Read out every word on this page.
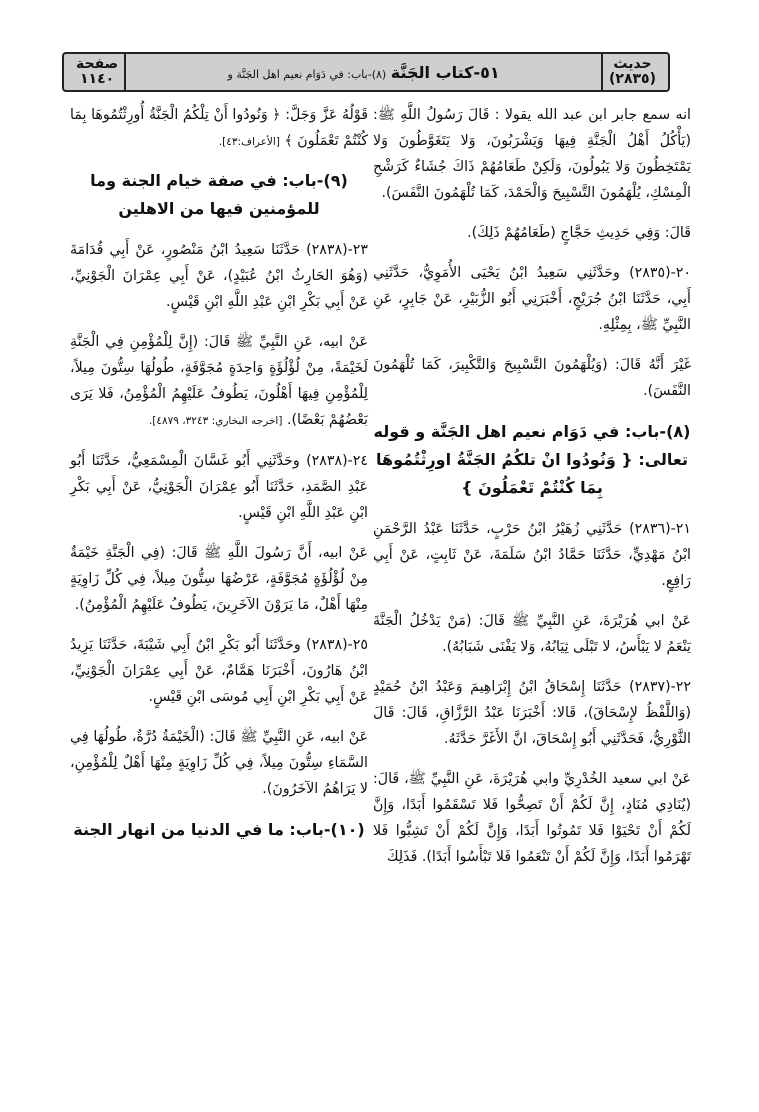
حديث
(٢٨٣٥)
٥١-كتاب الجَنَّة (٨)-باب: في دَوَام نعيم اهل الجَنَّة و
صفحة
١١٤٠

انه سمع جابر ابن عبد الله يقولا : قَالَ رَسُولُ اللَّهِ ﷺ: (يَأْكُلُ أَهْلُ الْجَنَّةِ فِيهَا وَيَشْرَبُونَ، وَلا يَتَغَوَّطُونَ وَلا يَمْتَخِطُونَ وَلا يَبُولُونَ، وَلَكِنْ طَعَامُهُمْ ذَاكَ جُشَاءٌ كَرَشْحِ الْمِسْكِ، يُلْهَمُونَ التَّسْبِيحَ وَالْحَمْدَ، كَمَا تُلْهَمُونَ النَّفَسَ).

قَالَ: وَفِي حَدِيثِ حَجَّاجٍ (طَعَامُهُمْ ذَلِكَ).

٢٠-(٢٨٣٥) وحَدَّثَنِي سَعِيدُ ابْنُ يَحْيَى الأُمَوِيُّ، حَدَّثَنِي أَبِي، حَدَّثَنَا ابْنُ جُرَيْجٍ، أَخْبَرَنِي أَبُو الزُّبَيْرِ، عَنْ جَابِرٍ، عَنِ النَّبِيِّ ﷺ، بِمِثْلِهِ.

غَيْرَ أَنَّهُ قَالَ: (وَيُلْهَمُونَ التَّسْبِيحَ وَالتَّكْبِيرَ، كَمَا تُلْهَمُونَ النَّفَسَ).

(٨)-باب: في دَوَام نعيم اهل الجَنَّة و قوله تعالى: { وَنُودُوا انْ تلكُمُ الجَنَّةُ اورِثْتُمُوهَا بِمَا كُنْتُمْ تَعْمَلُونَ }

٢١-(٢٨٣٦) حَدَّثَنِي زُهَيْرُ ابْنُ حَرْبٍ، حَدَّثَنَا عَبْدُ الرَّحْمَنِ ابْنُ مَهْدِيٍّ، حَدَّثَنَا حَمَّادُ ابْنُ سَلَمَةَ، عَنْ ثَابِتٍ، عَنْ أَبِي رَافِعٍ.

عَنْ ابي هُرَيْرَةَ، عَنِ النَّبِيِّ ﷺ قَالَ: (مَنْ يَدْخُلُ الْجَنَّةَ يَنْعَمُ لا يَبْأَسُ، لا تَبْلَى ثِيَابُهُ، وَلا يَفْنَى شَبَابُهُ).

٢٢-(٢٨٣٧) حَدَّثَنَا إِسْحَاقُ ابْنُ إِبْرَاهِيمَ وَعَبْدُ ابْنُ حُمَيْدٍ (وَاللَّفْظُ لإِسْحَاقَ)، قَالا: أَخْبَرَنَا عَبْدُ الرَّزَّاقِ، قَالَ: قَالَ الثَّوْرِيُّ، فَحَدَّثَنِي أَبُو إِسْحَاقَ، انَّ الأَغَرَّ حَدَّثَهُ.

عَنْ ابي سعيد الخُدْرِيِّ وابي هُرَيْرَةَ، عَنِ النَّبِيِّ ﷺ، قَالَ: (يُنَادِي مُنَادٍ، إِنَّ لَكُمْ أَنْ تَصِحُّوا فَلا تَسْقَمُوا أَبَدًا، وَإِنَّ لَكُمْ أَنْ تَحْيَوْا فَلا تَمُوتُوا أَبَدًا، وَإِنَّ لَكُمْ أَنْ تَشِبُّوا فَلا تَهْرَمُوا أَبَدًا، وَإِنَّ لَكُمْ أَنْ تَنْعَمُوا فَلا تَبْأَسُوا أَبَدًا). فَذَلِكَ

قَوْلُهُ عَزَّ وَجَلَّ: ﴿ وَنُودُوا أَنْ تِلْكُمُ الْجَنَّةُ أُورِثْتُمُوهَا بِمَا كُنْتُمْ تَعْمَلُونَ ﴾ [الأعراف:٤٣].

(٩)-باب: في صفة خيام الجنة وما للمؤمنين فيها من الاهلين

٢٣-(٢٨٣٨) حَدَّثَنَا سَعِيدُ ابْنُ مَنْصُورٍ، عَنْ أَبِي قُدَامَةَ (وَهُوَ الحَارِثُ ابْنُ عُبَيْدٍ)، عَنْ أَبِي عِمْرَانَ الْجَوْنِيِّ، عَنْ أَبِي بَكْرِ ابْنِ عَبْدِ اللَّهِ ابْنِ قَيْسٍ.

عَنْ ابيه، عَنِ النَّبِيِّ ﷺ قَالَ: (إِنَّ لِلْمُؤْمِنِ فِي الْجَنَّةِ لَخَيْمَةً، مِنْ لُؤْلُؤَةٍ وَاحِدَةٍ مُجَوَّفَةٍ، طُولُهَا سِتُّونَ مِيلاً، لِلْمُؤْمِنِ فِيهَا أَهْلُونَ، يَطُوفُ عَلَيْهِمُ الْمُؤْمِنُ، فَلا يَرَى بَعْضُهُمْ بَعْضًا). [اخرجه البخاري: ٣٢٤٣، ٤٨٧٩].

٢٤-(٢٨٣٨) وحَدَّثَنِي أَبُو غَسَّانَ الْمِسْمَعِيُّ، حَدَّثَنَا أَبُو عَبْدِ الصَّمَدِ، حَدَّثَنَا أَبُو عِمْرَانَ الْجَوْنِيُّ، عَنْ أَبِي بَكْرِ ابْنِ عَبْدِ اللَّهِ ابْنِ قَيْسٍ.

عَنْ ابيه، أَنَّ رَسُولَ اللَّهِ ﷺ قَالَ: (فِي الْجَنَّةِ خَيْمَةٌ مِنْ لُؤْلُؤَةٍ مُجَوَّفَةٍ، عَرْضُهَا سِتُّونَ مِيلاً، فِي كُلِّ زَاوِيَةٍ مِنْهَا أَهْلٌ، مَا يَرَوْنَ الآخَرِينَ، يَطُوفُ عَلَيْهِمُ الْمُؤْمِنُ).

٢٥-(٢٨٣٨) وحَدَّثَنَا أَبُو بَكْرِ ابْنُ أَبِي شَيْبَةَ، حَدَّثَنَا يَزِيدُ ابْنُ هَارُونَ، أَخْبَرَنَا هَمَّامٌ، عَنْ أَبِي عِمْرَانَ الْجَوْنِيِّ، عَنْ أَبِي بَكْرِ ابْنِ أَبِي مُوسَى ابْنِ قَيْسٍ.

عَنْ ابيه، عَنِ النَّبِيِّ ﷺ قَالَ: (الْخَيْمَةُ دُرَّةٌ، طُولُهَا فِي السَّمَاءِ سِتُّونَ مِيلاً، فِي كُلِّ زَاوِيَةٍ مِنْهَا أَهْلٌ لِلْمُؤْمِنِ، لا يَرَاهُمُ الآخَرُونَ).

(١٠)-باب: ما في الدنيا من انهار الجنة
